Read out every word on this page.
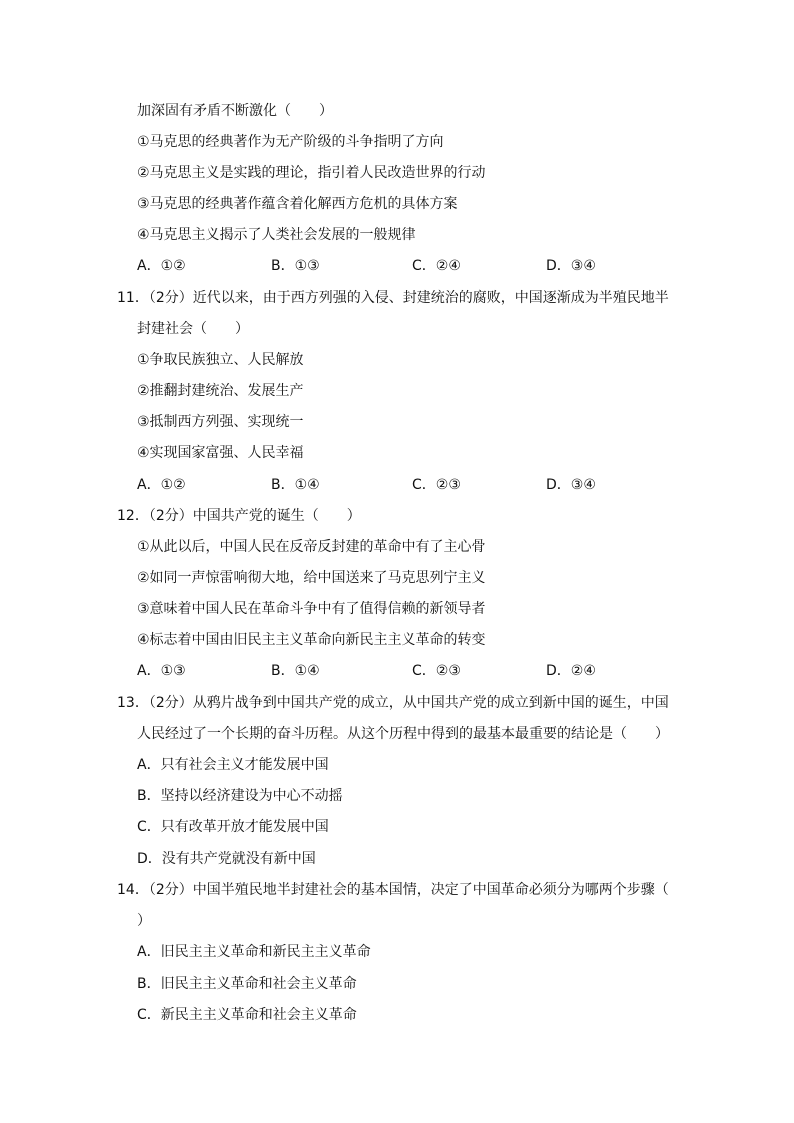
加深固有矛盾不断激化（　　）
①马克思的经典著作为无产阶级的斗争指明了方向
②马克思主义是实践的理论，指引着人民改造世界的行动
③马克思的经典著作蕴含着化解西方危机的具体方案
④马克思主义揭示了人类社会发展的一般规律
A．①②	B．①③	C．②④	D．③④
11．（2分）近代以来，由于西方列强的入侵、封建统治的腐败，中国逐渐成为半殖民地半
封建社会（　　）
①争取民族独立、人民解放
②推翻封建统治、发展生产
③抵制西方列强、实现统一
④实现国家富强、人民幸福
A．①②	B．①④	C．②③	D．③④
12．（2分）中国共产党的诞生（　　）
①从此以后，中国人民在反帝反封建的革命中有了主心骨
②如同一声惊雷响彻大地，给中国送来了马克思列宁主义
③意味着中国人民在革命斗争中有了值得信赖的新领导者
④标志着中国由旧民主主义革命向新民主主义革命的转变
A．①③	B．①④	C．②③	D．②④
13．（2分）从鸦片战争到中国共产党的成立，从中国共产党的成立到新中国的诞生，中国
人民经过了一个长期的奋斗历程。从这个历程中得到的最基本最重要的结论是（　　）
A．只有社会主义才能发展中国
B．坚持以经济建设为中心不动摇
C．只有改革开放才能发展中国
D．没有共产党就没有新中国
14．（2分）中国半殖民地半封建社会的基本国情，决定了中国革命必须分为哪两个步骤（
）
A．旧民主主义革命和新民主主义革命
B．旧民主主义革命和社会主义革命
C．新民主主义革命和社会主义革命
